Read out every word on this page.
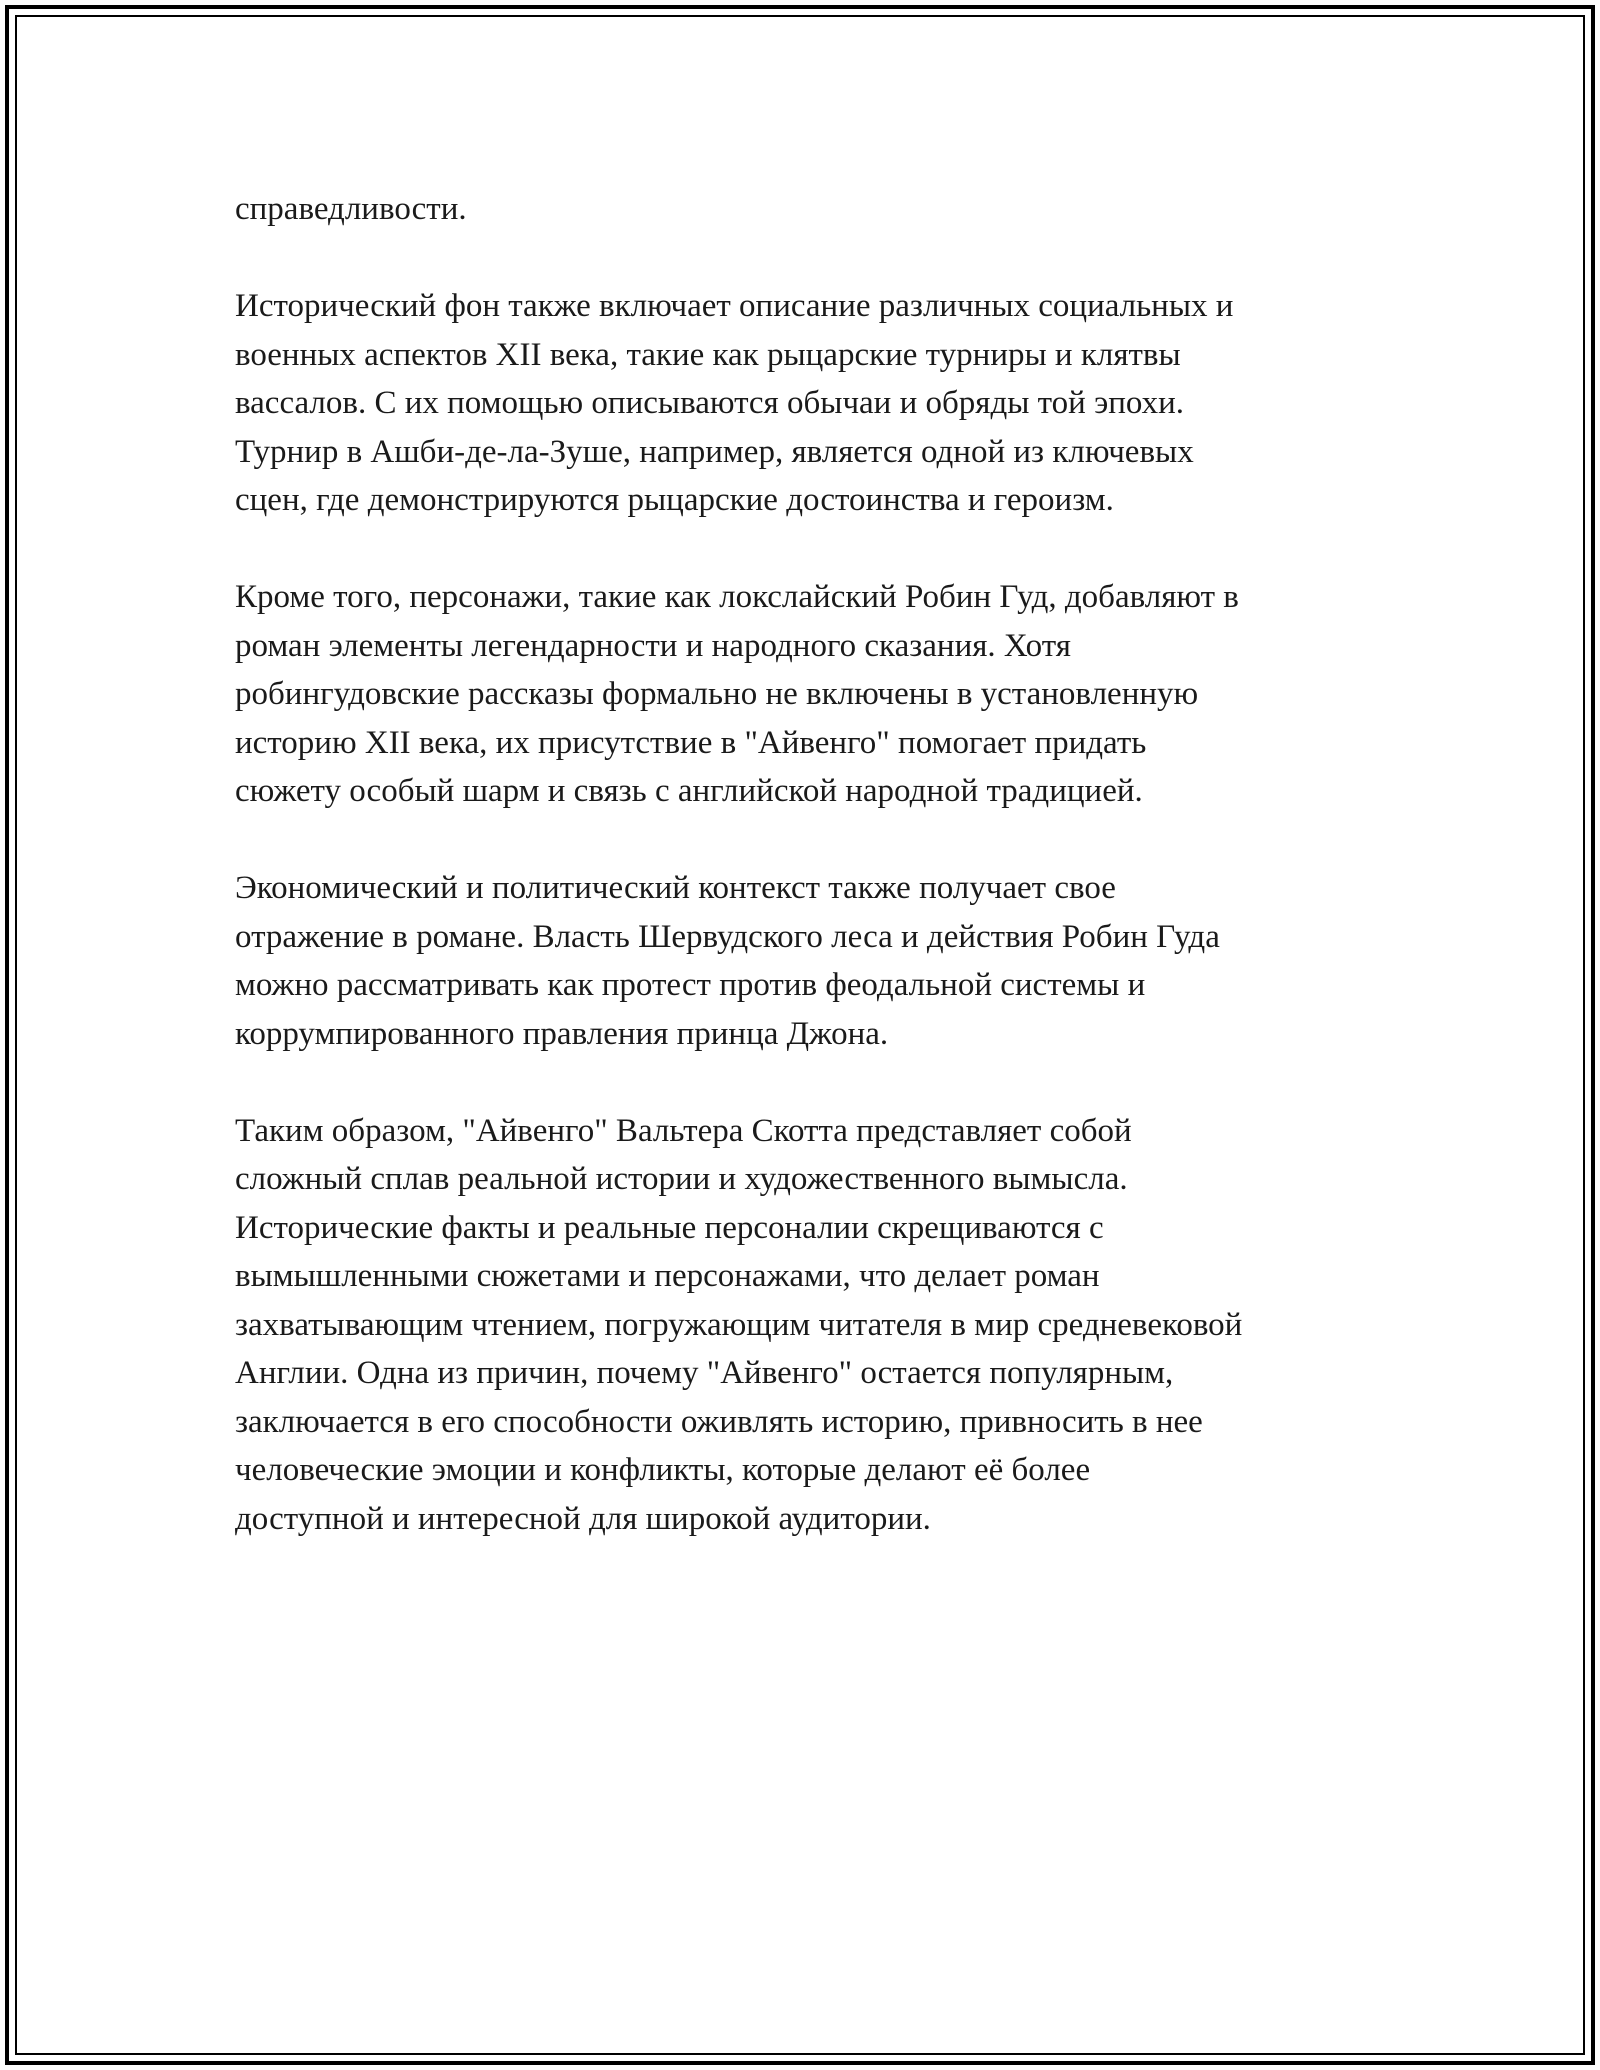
справедливости.

Исторический фон также включает описание различных социальных и
военных аспектов XII века, такие как рыцарские турниры и клятвы
вассалов. С их помощью описываются обычаи и обряды той эпохи.
Турнир в Ашби-де-ла-Зуше, например, является одной из ключевых
сцен, где демонстрируются рыцарские достоинства и героизм.

Кроме того, персонажи, такие как локслайский Робин Гуд, добавляют в
роман элементы легендарности и народного сказания. Хотя
робингудовские рассказы формально не включены в установленную
историю XII века, их присутствие в "Айвенго" помогает придать
сюжету особый шарм и связь с английской народной традицией.

Экономический и политический контекст также получает свое
отражение в романе. Власть Шервудского леса и действия Робин Гуда
можно рассматривать как протест против феодальной системы и
коррумпированного правления принца Джона.

Таким образом, "Айвенго" Вальтера Скотта представляет собой
сложный сплав реальной истории и художественного вымысла.
Исторические факты и реальные персоналии скрещиваются с
вымышленными сюжетами и персонажами, что делает роман
захватывающим чтением, погружающим читателя в мир средневековой
Англии. Одна из причин, почему "Айвенго" остается популярным,
заключается в его способности оживлять историю, привносить в нее
человеческие эмоции и конфликты, которые делают её более
доступной и интересной для широкой аудитории.
